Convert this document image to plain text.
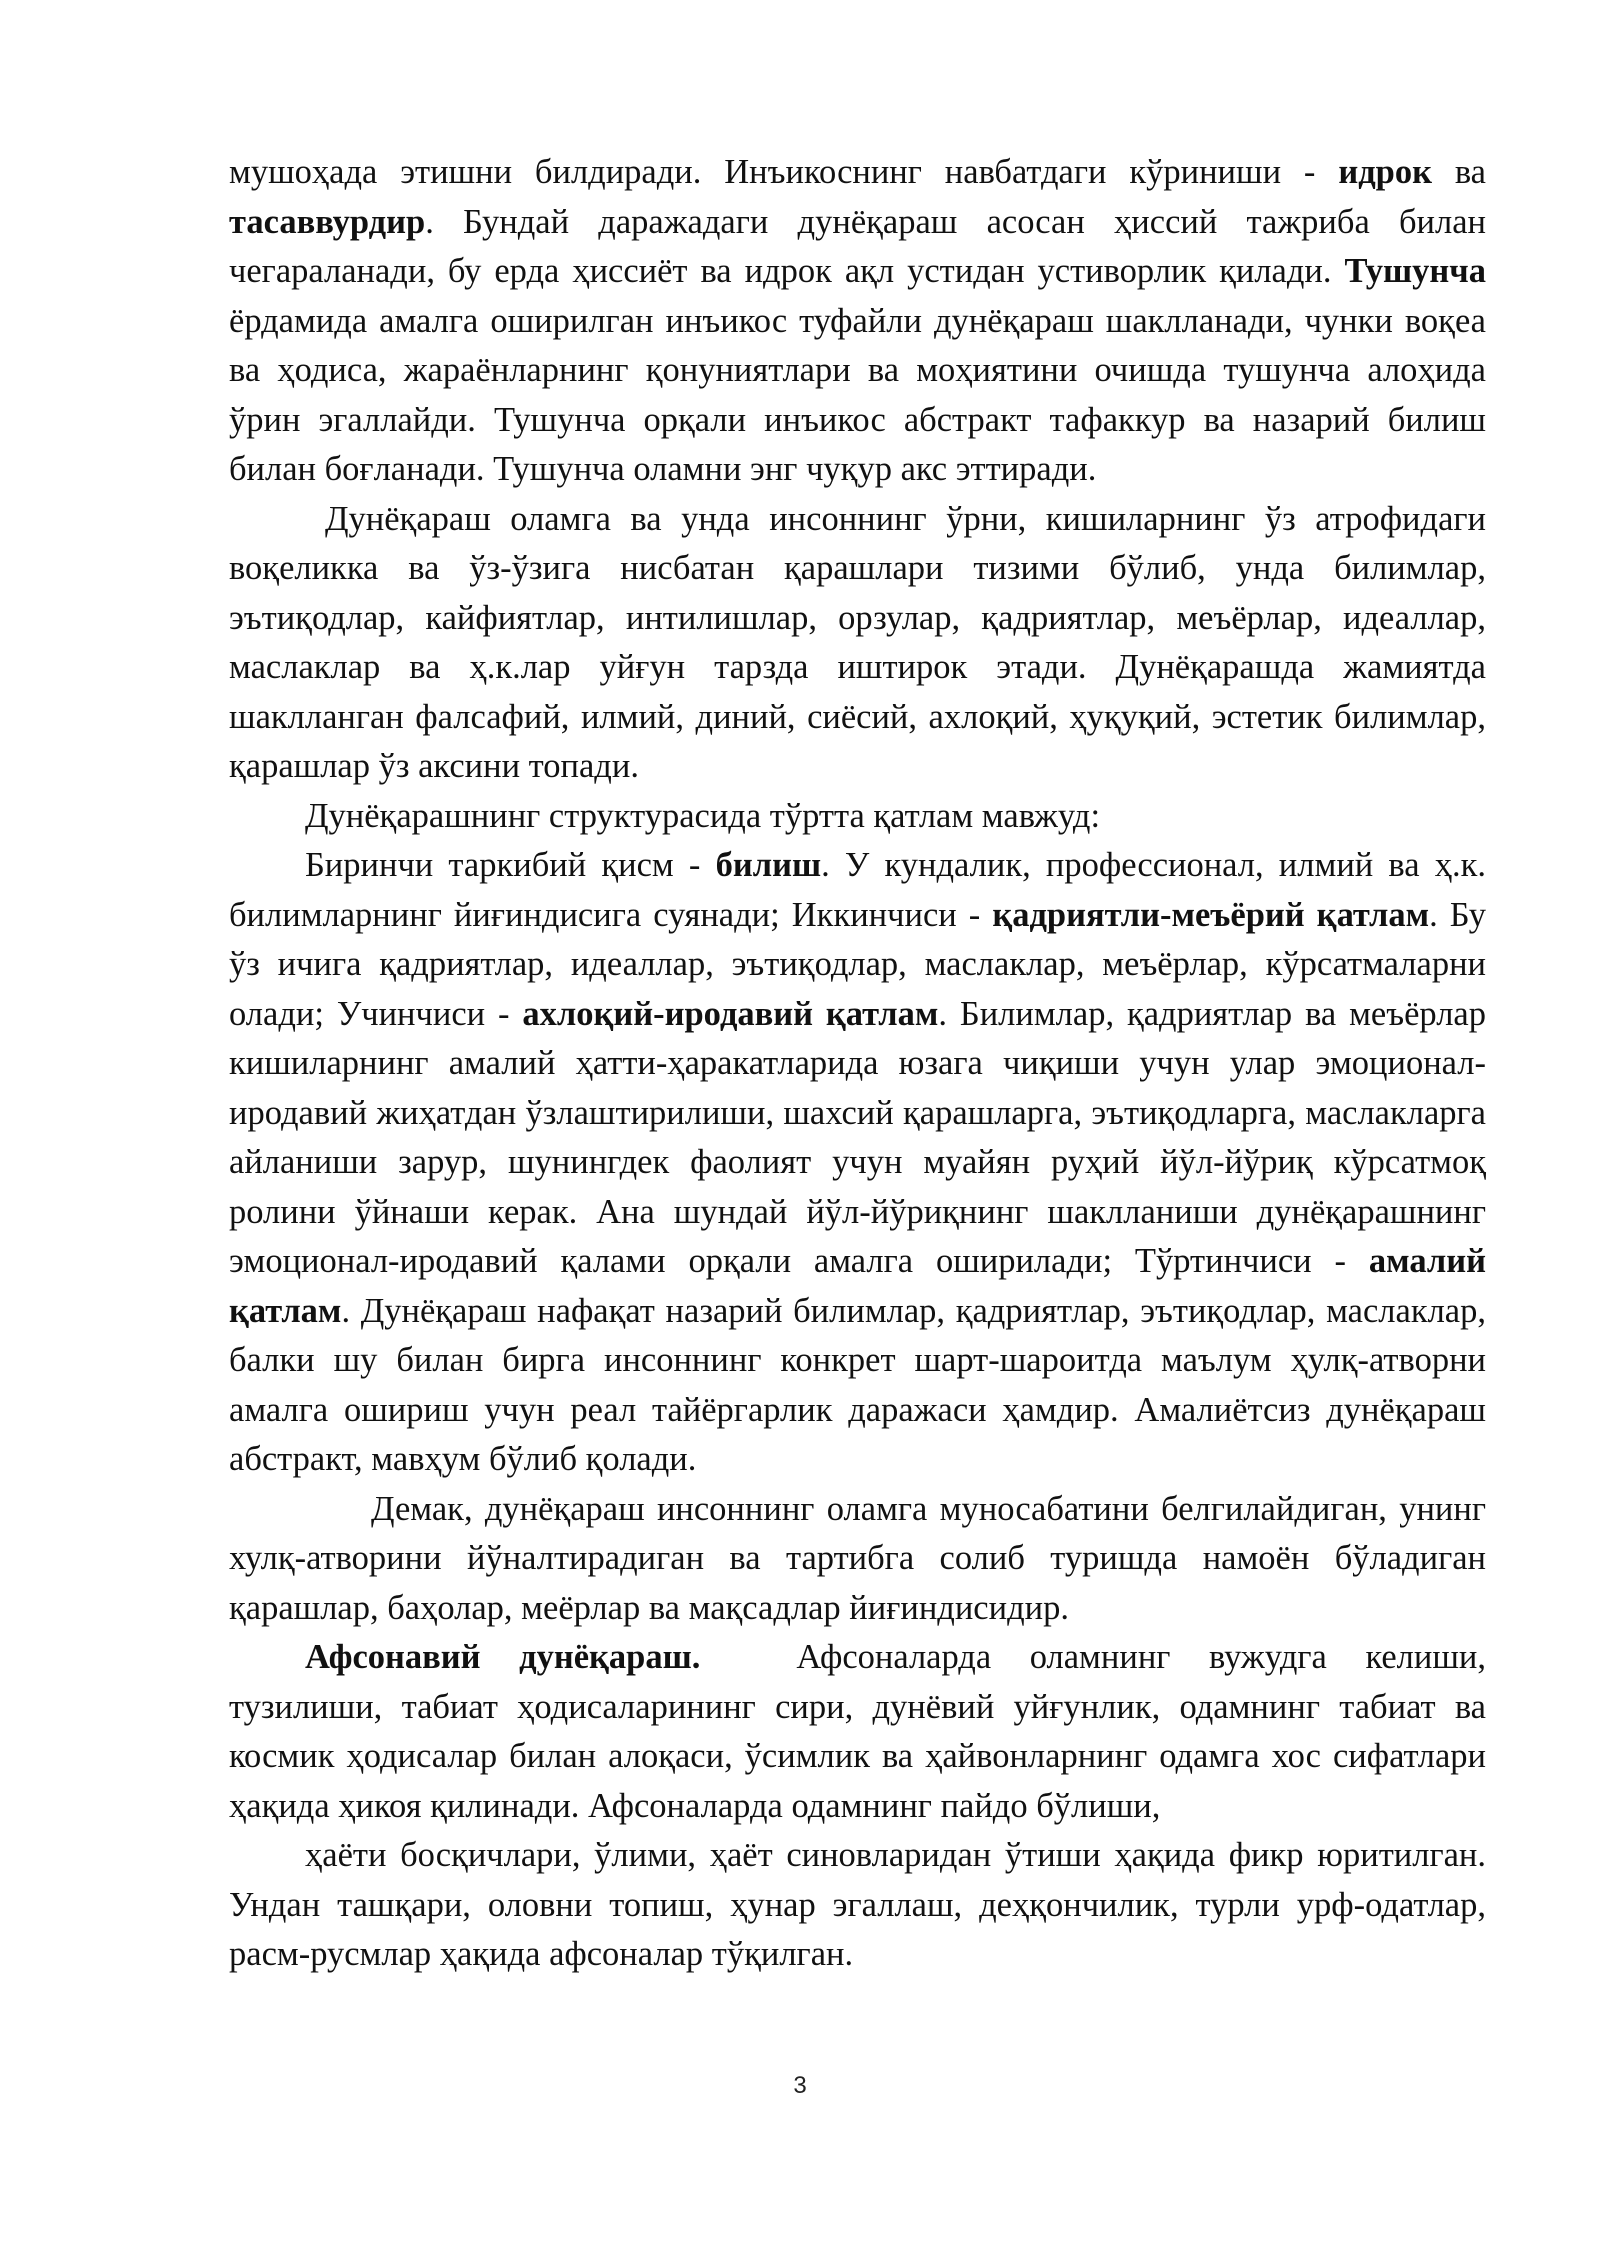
мушоҳада этишни билдиради. Инъикоснинг навбатдаги кўриниши - идрок ва тасаввурдир. Бундай даражадаги дунёқараш асосан ҳиссий тажриба билан чегараланади, бу ерда ҳиссиёт ва идрок ақл устидан устиворлик қилади. Тушунча ёрдамида амалга оширилган инъикос туфайли дунёқараш шаклланади, чунки воқеа ва ҳодиса, жараёнларнинг қонуниятлари ва моҳиятини очишда тушунча алоҳида ўрин эгаллайди. Тушунча орқали инъикос абстракт тафаккур ва назарий билиш билан боғланади. Тушунча оламни энг чуқур акс эттиради.

Дунёқараш оламга ва унда инсоннинг ўрни, кишиларнинг ўз атрофидаги воқеликка ва ўз-ўзига нисбатан қарашлари тизими бўлиб, унда билимлар, эътиқодлар, кайфиятлар, интилишлар, орзулар, қадриятлар, меъёрлар, идеаллар, маслаклар ва ҳ.к.лар уйғун тарзда иштирок этади. Дунёқарашда жамиятда шаклланган фалсафий, илмий, диний, сиёсий, ахлоқий, ҳуқуқий, эстетик билимлар, қарашлар ўз аксини топади.

Дунёқарашнинг структурасида тўртта қатлам мавжуд:

Биринчи таркибий қисм - билиш. У кундалик, профессионал, илмий ва ҳ.к. билимларнинг йиғиндисига суянади; Иккинчиси - қадриятли-меъёрий қатлам. Бу ўз ичига қадриятлар, идеаллар, эътиқодлар, маслаклар, меъёрлар, кўрсатмаларни олади; Учинчиси - ахлоқий-иродавий қатлам. Билимлар, қадриятлар ва меъёрлар кишиларнинг амалий ҳатти-ҳаракатларида юзага чиқиши учун улар эмоционал-иродавий жиҳатдан ўзлаштирилиши, шахсий қарашларга, эътиқодларга, маслакларга айланиши зарур, шунингдек фаолият учун муайян руҳий йўл-йўриқ кўрсатмоқ ролини ўйнаши керак. Ана шундай йўл-йўриқнинг шаклланиши дунёқарашнинг эмоционал-иродавий қалами орқали амалга оширилади; Тўртинчиси - амалий қатлам. Дунёқараш нафақат назарий билимлар, қадриятлар, эътиқодлар, маслаклар, балки шу билан бирга инсоннинг конкрет шарт-шароитда маълум ҳулқ-атворни амалга ошириш учун реал тайёргарлик даражаси ҳамдир. Амалиётсиз дунёқараш абстракт, мавҳум бўлиб қолади.

Демак, дунёқараш инсоннинг оламга муносабатини белгилайдиган, унинг хулқ-атворини йўналтирадиган ва тартибга солиб туришда намоён бўладиган қарашлар, баҳолар, меёрлар ва мақсадлар йиғиндисидир.

Афсонавий дунёқараш.	Афсоналарда оламнинг вужудга келиши, тузилиши, табиат ҳодисаларининг сири, дунёвий уйғунлик, одамнинг табиат ва космик ҳодисалар билан алоқаси, ўсимлик ва ҳайвонларнинг одамга хос сифатлари ҳақида ҳикоя қилинади. Афсоналарда одамнинг пайдо бўлиши,

ҳаёти босқичлари, ўлими, ҳаёт синовларидан ўтиши ҳақида фикр юритилган. Ундан ташқари, оловни топиш, ҳунар эгаллаш, деҳқончилик, турли урф-одатлар, расм-русмлар ҳақида афсоналар тўқилган.

3
